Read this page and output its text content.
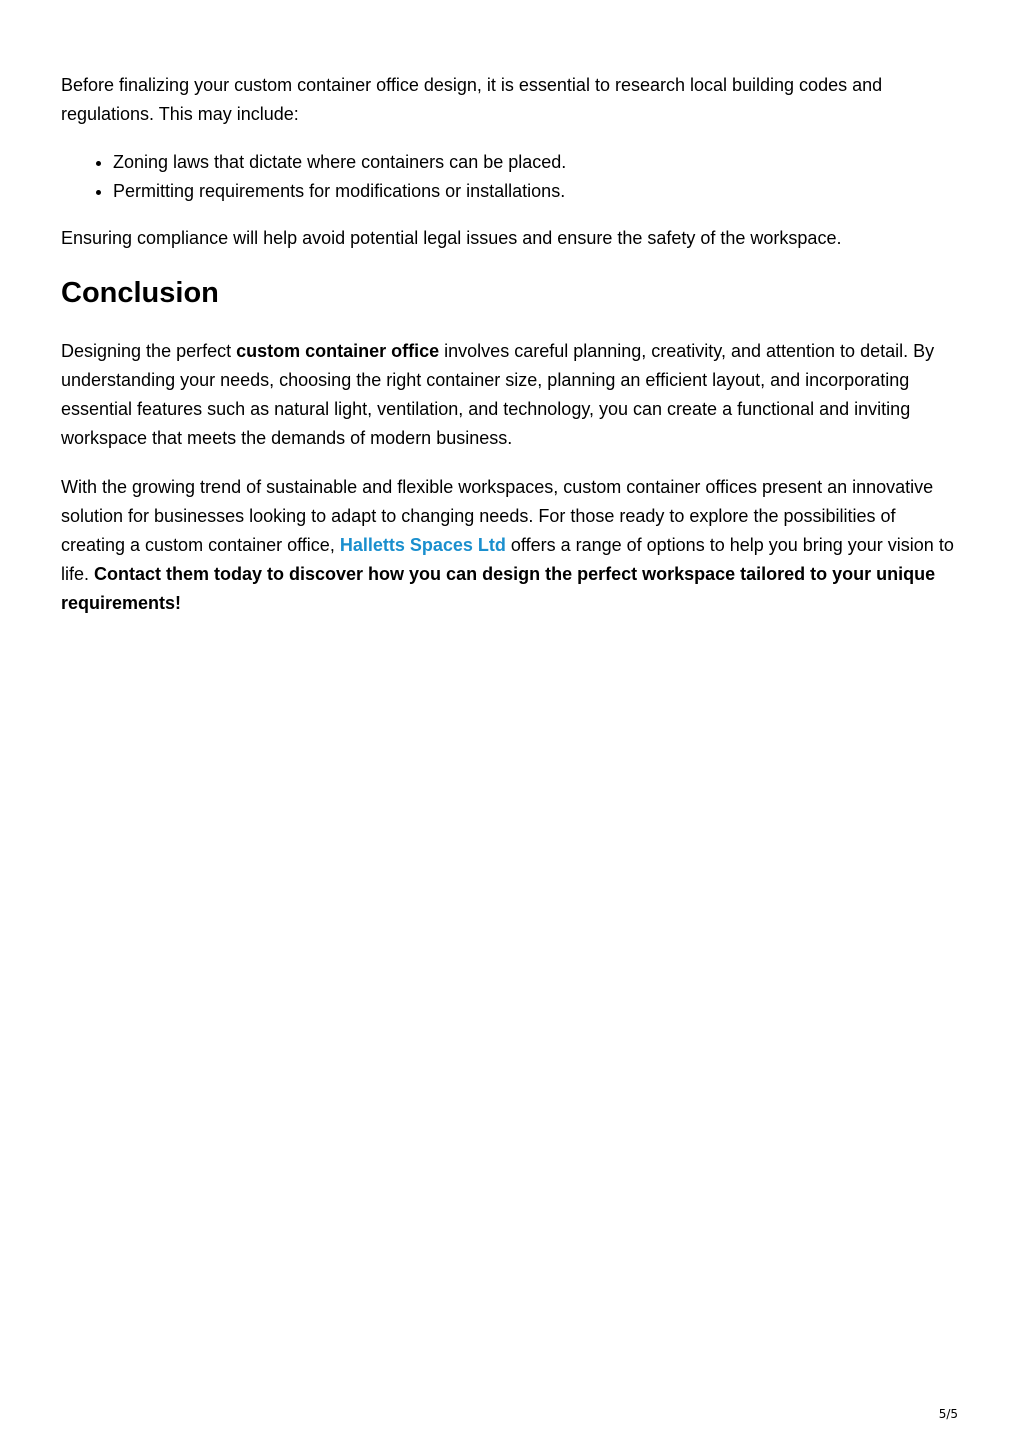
Before finalizing your custom container office design, it is essential to research local building codes and regulations. This may include:

• Zoning laws that dictate where containers can be placed.
• Permitting requirements for modifications or installations.

Ensuring compliance will help avoid potential legal issues and ensure the safety of the workspace.

Conclusion

Designing the perfect custom container office involves careful planning, creativity, and attention to detail. By understanding your needs, choosing the right container size, planning an efficient layout, and incorporating essential features such as natural light, ventilation, and technology, you can create a functional and inviting workspace that meets the demands of modern business.

With the growing trend of sustainable and flexible workspaces, custom container offices present an innovative solution for businesses looking to adapt to changing needs. For those ready to explore the possibilities of creating a custom container office, Halletts Spaces Ltd offers a range of options to help you bring your vision to life. Contact them today to discover how you can design the perfect workspace tailored to your unique requirements!

5/5
